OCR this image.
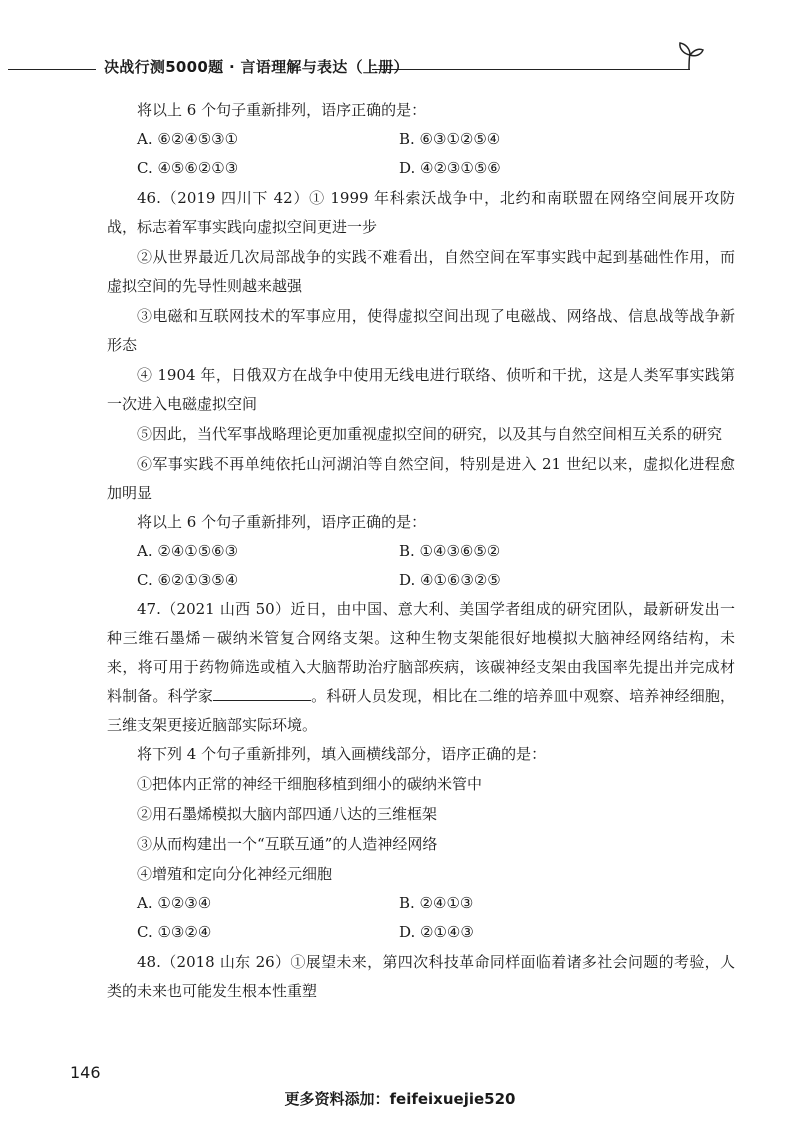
决战行测5000题 · 言语理解与表达（上册）

将以上 6 个句子重新排列，语序正确的是：

A. ⑥②④⑤③①	B. ⑥③①②⑤④
C. ④⑤⑥②①③	D. ④②③①⑤⑥

46.（2019 四川下 42）① 1999 年科索沃战争中，北约和南联盟在网络空间展开攻防战，标志着军事实践向虚拟空间更进一步

②从世界最近几次局部战争的实践不难看出，自然空间在军事实践中起到基础性作用，而虚拟空间的先导性则越来越强

③电磁和互联网技术的军事应用，使得虚拟空间出现了电磁战、网络战、信息战等战争新形态

④ 1904 年，日俄双方在战争中使用无线电进行联络、侦听和干扰，这是人类军事实践第一次进入电磁虚拟空间

⑤因此，当代军事战略理论更加重视虚拟空间的研究，以及其与自然空间相互关系的研究

⑥军事实践不再单纯依托山河湖泊等自然空间，特别是进入 21 世纪以来，虚拟化进程愈加明显

将以上 6 个句子重新排列，语序正确的是：

A. ②④①⑤⑥③	B. ①④③⑥⑤②
C. ⑥②①③⑤④	D. ④①⑥③②⑤

47.（2021 山西 50）近日，由中国、意大利、美国学者组成的研究团队，最新研发出一种三维石墨烯－碳纳米管复合网络支架。这种生物支架能很好地模拟大脑神经网络结构，未来，将可用于药物筛选或植入大脑帮助治疗脑部疾病，该碳神经支架由我国率先提出并完成材料制备。科学家	。科研人员发现，相比在二维的培养皿中观察、培养神经细胞，三维支架更接近脑部实际环境。

将下列 4 个句子重新排列，填入画横线部分，语序正确的是：

①把体内正常的神经干细胞移植到细小的碳纳米管中

②用石墨烯模拟大脑内部四通八达的三维框架

③从而构建出一个“互联互通”的人造神经网络

④增殖和定向分化神经元细胞

A. ①②③④	B. ②④①③
C. ①③②④	D. ②①④③

48.（2018 山东 26）①展望未来，第四次科技革命同样面临着诸多社会问题的考验，人类的未来也可能发生根本性重塑

146
更多资料添加：feifeixuejie520
